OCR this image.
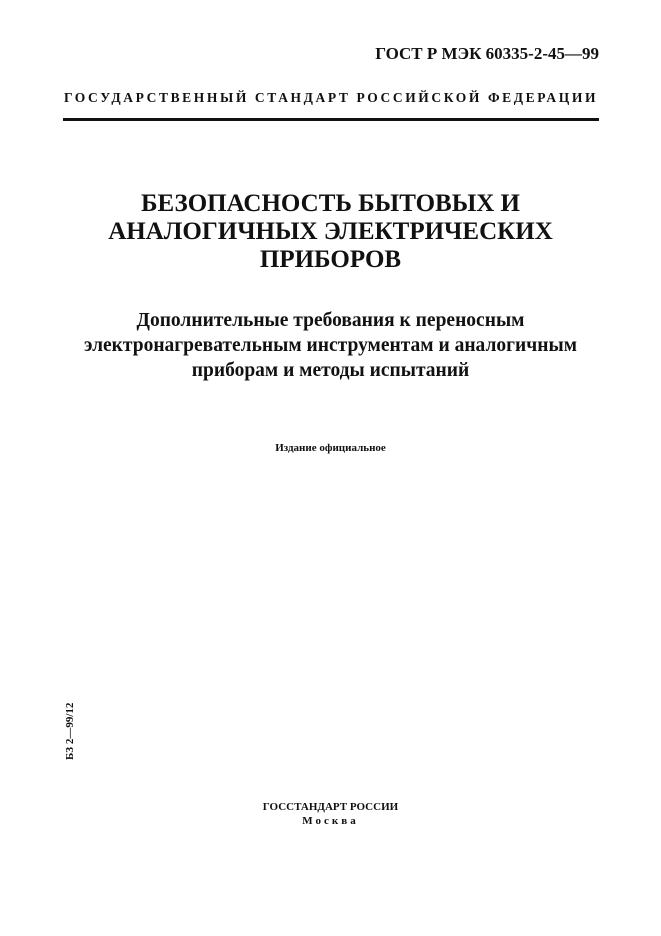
ГОСТ Р МЭК 60335-2-45—99
ГОСУДАРСТВЕННЫЙ СТАНДАРТ РОССИЙСКОЙ ФЕДЕРАЦИИ
БЕЗОПАСНОСТЬ БЫТОВЫХ И
АНАЛОГИЧНЫХ ЭЛЕКТРИЧЕСКИХ
ПРИБОРОВ
Дополнительные требования к переносным
электронагревательным инструментам и аналогичным
приборам и методы испытаний
Издание официальное
БЗ 2—99/12
ГОССТАНДАРТ РОССИИ
Москва
